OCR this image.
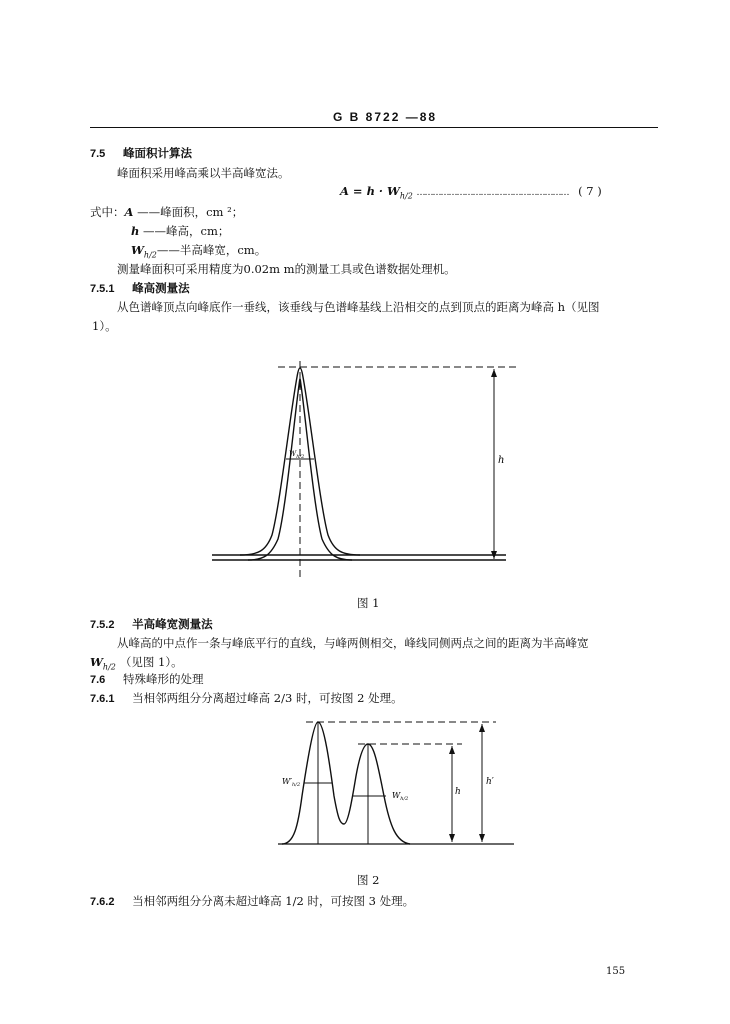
G B 8722 —88
7.5 峰面积计算法
峰面积采用峰高乘以半高峰宽法。
$A = h \cdot W_{h/2}$ ………………………………………………… ( 7 )
式中：A ——峰面积，cm ²；
h ——峰高，cm；
$W_{h/2}——$半高峰宽，cm。
测量峰面积可采用精度为0.02m m的测量工具或色谱数据处理机。
7.5.1 峰高测量法
从色谱峰顶点向峰底作一垂线，该垂线与色谱峰基线上沿相交的点到顶点的距离为峰高 h（见图
1）。
h
$W_{h/2}$
图 1
7.5.2 半高峰宽测量法
从峰高的中点作一条与峰底平行的直线，与峰两侧相交，峰线同侧两点之间的距离为半高峰宽
$W_{h/2}$ （见图 1）。
7.6 特殊峰形的处理
7.6.1 当相邻两组分分离超过峰高 2/3 时，可按图 2 处理。
h′
h
$W'_{h/2}$
$W_{h/2}$
图 2
7.6.2 当相邻两组分分离未超过峰高 1/2 时，可按图 3 处理。
155
